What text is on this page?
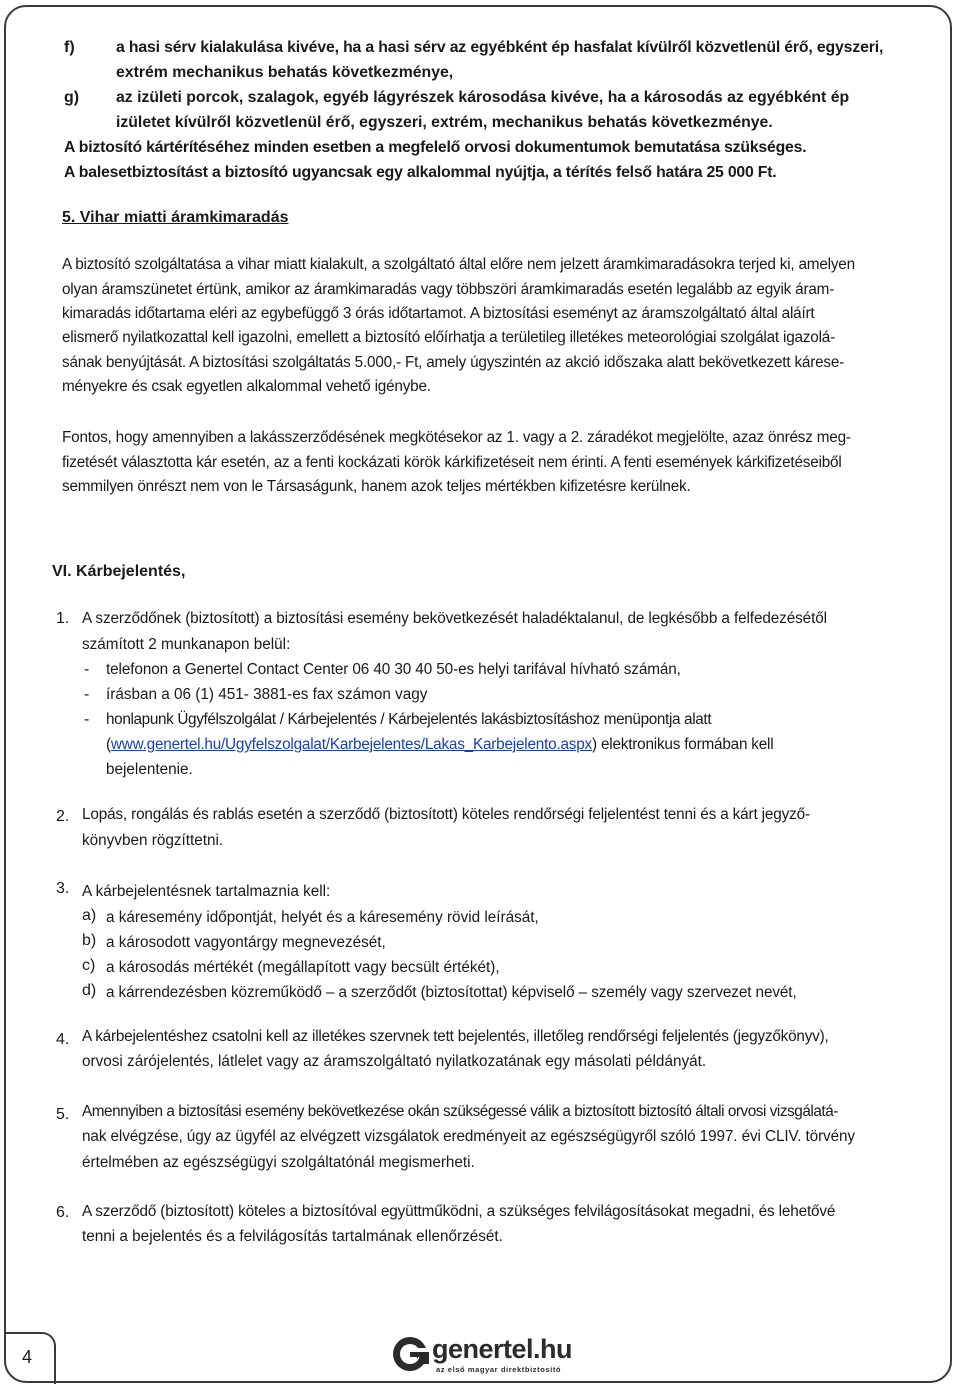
f)	a hasi sérv kialakulása kivéve, ha a hasi sérv az egyébként ép hasfalat kívülről közvetlenül érő, egyszeri,
extrém mechanikus behatás következménye,
g) az izületi porcok, szalagok, egyéb lágyrészek károsodása kivéve, ha a károsodás az egyébként ép
izületet kívülről közvetlenül érő, egyszeri, extrém, mechanikus behatás következménye.
A biztosító kártérítéséhez minden esetben a megfelelő orvosi dokumentumok bemutatása szükséges.
A balesetbiztosítást a biztosító ugyancsak egy alkalommal nyújtja, a térítés felső határa 25 000 Ft.
5. Vihar miatti áramkimaradás
A biztosító szolgáltatása a vihar miatt kialakult, a szolgáltató által előre nem jelzett áramkimaradásokra terjed ki, amelyen
olyan áramszünetet értünk, amikor az áramkimaradás vagy többszöri áramkimaradás esetén legalább az egyik áram-
kimaradás időtartama eléri az egybefüggő 3 órás időtartamot. A biztosítási eseményt az áramszolgáltató által aláírt
elismerő nyilatkozattal kell igazolni, emellett a biztosító előírhatja a területileg illetékes meteorológiai szolgálat igazolá-
sának benyújtását. A biztosítási szolgáltatás 5.000,- Ft, amely úgyszintén az akció időszaka alatt bekövetkezett kárese-
ményekre és csak egyetlen alkalommal vehető igénybe.
Fontos, hogy amennyiben a lakásszerződésének megkötésekor az 1. vagy a 2. záradékot megjelölte, azaz önrész meg-
fizetését választotta kár esetén, az a fenti kockázati körök kárkifizetéseit nem érinti. A fenti események kárkifizetéseiből
semmilyen önrészt nem von le Társaságunk, hanem azok teljes mértékben kifizetésre kerülnek.
VI. Kárbejelentés,
1. A szerződőnek (biztosított) a biztosítási esemény bekövetkezését haladéktalanul, de legkésőbb a felfedezésétől
számított 2 munkanapon belül:
- telefonon a Genertel Contact Center 06 40 30 40 50-es helyi tarifával hívható számán,
- írásban a 06 (1) 451- 3881-es fax számon vagy
- honlapunk Ügyfélszolgálat / Kárbejelentés / Kárbejelentés lakásbiztosításhoz menüpontja alatt
(www.genertel.hu/Ugyfelszolgalat/Karbejelentes/Lakas_Karbejelento.aspx) elektronikus formában kell
bejelentenie.
2. Lopás, rongálás és rablás esetén a szerződő (biztosított) köteles rendőrségi feljelentést tenni és a kárt jegyző-
könyvben rögzíttetni.
3. A kárbejelentésnek tartalmaznia kell:
a) a káresemény időpontját, helyét és a káresemény rövid leírását,
b) a károsodott vagyontárgy megnevezését,
c) a károsodás mértékét (megállapított vagy becsült értékét),
d) a kárrendezésben közreműködő – a szerződőt (biztosítottat) képviselő – személy vagy szervezet nevét,
4. A kárbejelentéshez csatolni kell az illetékes szervnek tett bejelentés, illetőleg rendőrségi feljelentés (jegyzőkönyv),
orvosi zárójelentés, látlelet vagy az áramszolgáltató nyilatkozatának egy másolati példányát.
5. Amennyiben a biztosítási esemény bekövetkezése okán szükségessé válik a biztosított biztosító általi orvosi vizsgálatá-
nak elvégzése, úgy az ügyfél az elvégzett vizsgálatok eredményeit az egészségügyről szóló 1997. évi CLIV. törvény
értelmében az egészségügyi szolgáltatónál megismerheti.
6. A szerződő (biztosított) köteles a biztosítóval együttműködni, a szükséges felvilágosításokat megadni, és lehetővé
tenni a bejelentés és a felvilágosítás tartalmának ellenőrzését.
4	Tel genertel.hu
az első magyar direktbiztosító
